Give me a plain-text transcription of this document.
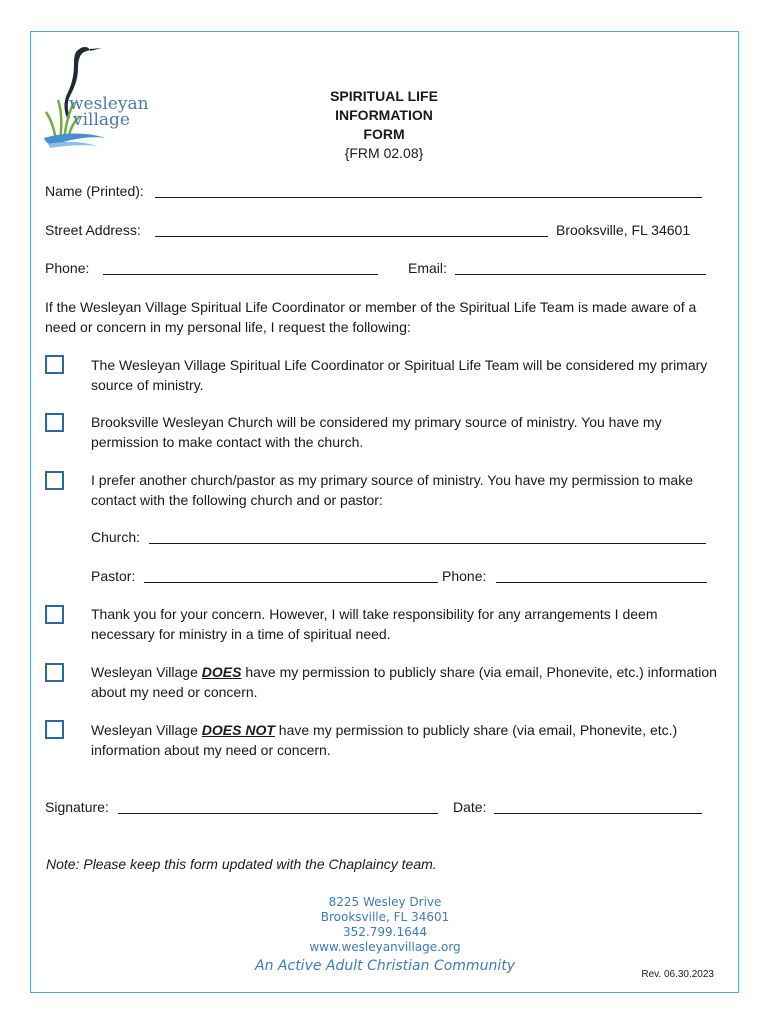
wesleyan
village
SPIRITUAL LIFE
INFORMATION
FORM
{FRM 02.08}
Name (Printed):
Street Address:	Brooksville, FL 34601
Phone:	Email:
If the Wesleyan Village Spiritual Life Coordinator or member of the Spiritual Life Team is made aware of a need or concern in my personal life, I request the following:
The Wesleyan Village Spiritual Life Coordinator or Spiritual Life Team will be considered my primary source of ministry.
Brooksville Wesleyan Church will be considered my primary source of ministry. You have my permission to make contact with the church.
I prefer another church/pastor as my primary source of ministry. You have my permission to make contact with the following church and or pastor:
Church:
Pastor:	Phone:
Thank you for your concern. However, I will take responsibility for any arrangements I deem necessary for ministry in a time of spiritual need.
Wesleyan Village DOES have my permission to publicly share (via email, Phonevite, etc.) information about my need or concern.
Wesleyan Village DOES NOT have my permission to publicly share (via email, Phonevite, etc.) information about my need or concern.
Signature:	Date:
Note: Please keep this form updated with the Chaplaincy team.
8225 Wesley Drive
Brooksville, FL 34601
352.799.1644
www.wesleyanvillage.org
An Active Adult Christian Community
Rev. 06.30.2023
